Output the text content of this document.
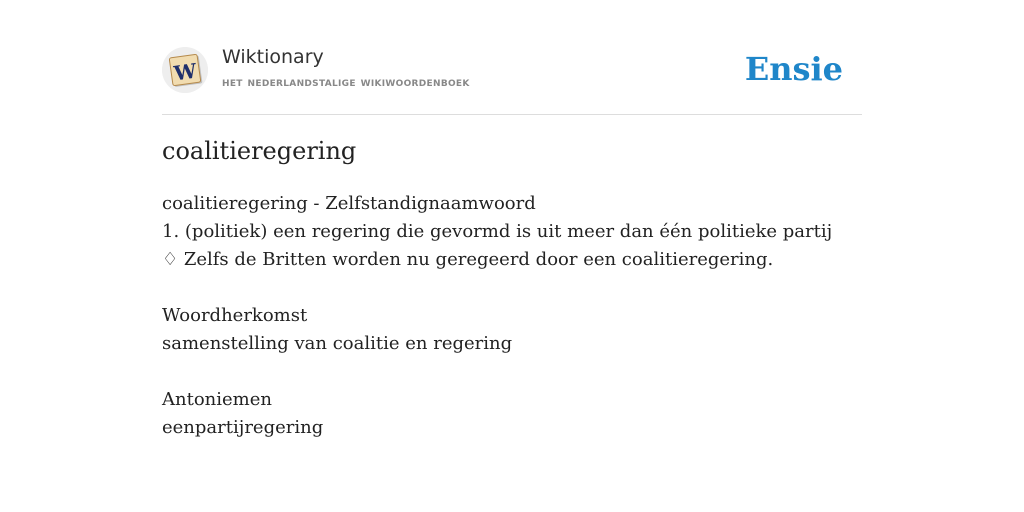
W
Wiktionary
het nederlandstalige wikiwoordenboek	Ensie
coalitieregering
coalitieregering - Zelfstandignaamwoord
1. (politiek) een regering die gevormd is uit meer dan één politieke partij
♢ Zelfs de Britten worden nu geregeerd door een coalitieregering.
Woordherkomst
samenstelling van coalitie en regering
Antoniemen
eenpartijregering
